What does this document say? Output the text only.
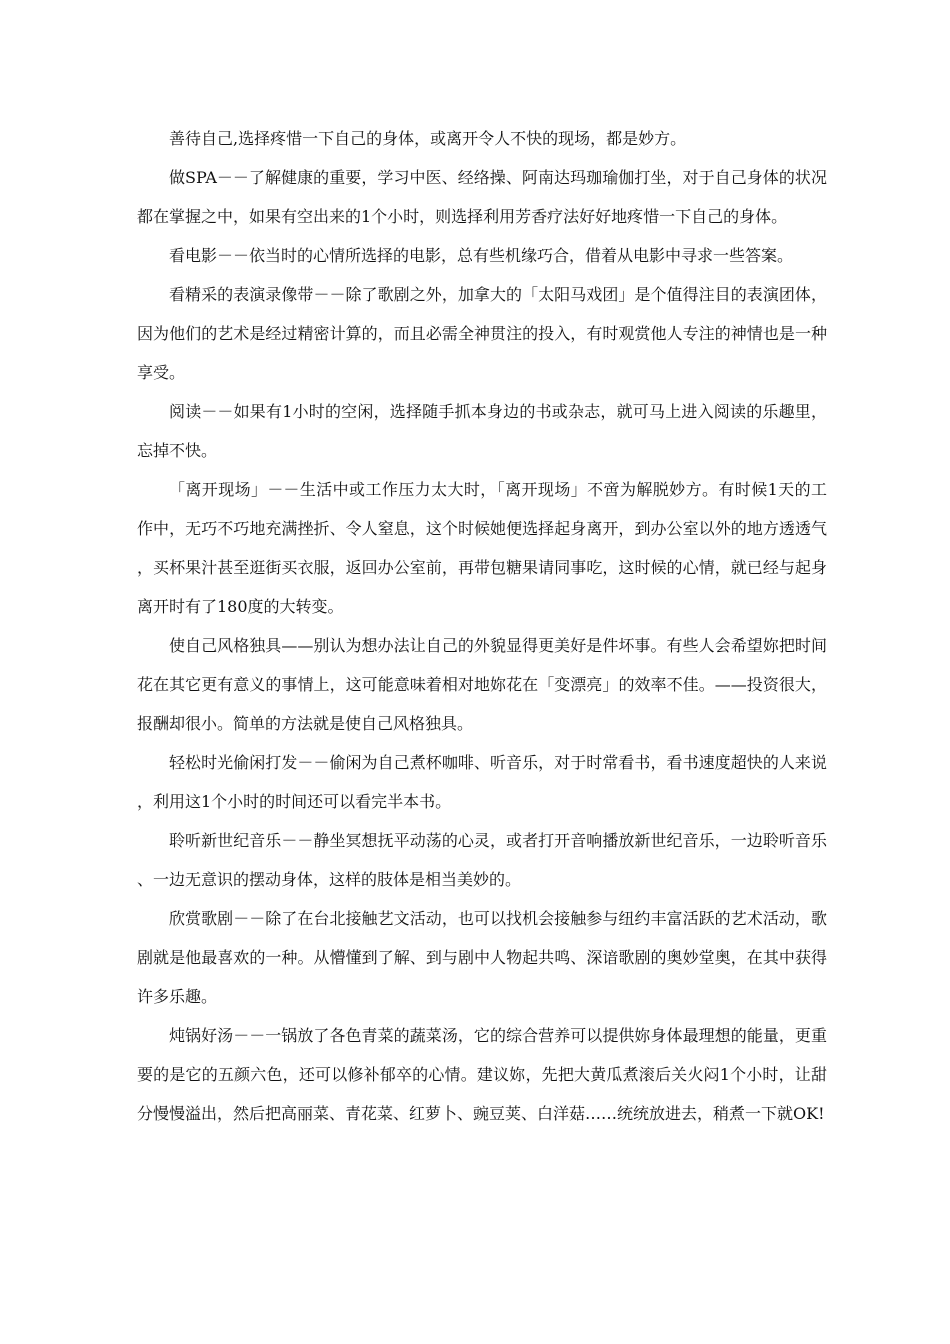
善待自己,选择疼惜一下自己的身体，或离开令人不快的现场，都是妙方。

做SPA－－了解健康的重要，学习中医、经络操、阿南达玛珈瑜伽打坐，对于自己身体的状况都在掌握之中，如果有空出来的1个小时，则选择利用芳香疗法好好地疼惜一下自己的身体。

看电影－－依当时的心情所选择的电影，总有些机缘巧合，借着从电影中寻求一些答案。

看精采的表演录像带－－除了歌剧之外，加拿大的「太阳马戏团」是个值得注目的表演团体，因为他们的艺术是经过精密计算的，而且必需全神贯注的投入，有时观赏他人专注的神情也是一种享受。

阅读－－如果有1小时的空闲，选择随手抓本身边的书或杂志，就可马上进入阅读的乐趣里，忘掉不快。

「离开现场」－－生活中或工作压力太大时，「离开现场」不啻为解脱妙方。有时候1天的工作中，无巧不巧地充满挫折、令人窒息，这个时候她便选择起身离开，到办公室以外的地方透透气，买杯果汁甚至逛街买衣服，返回办公室前，再带包糖果请同事吃，这时候的心情，就已经与起身离开时有了180度的大转变。

使自己风格独具——别认为想办法让自己的外貌显得更美好是件坏事。有些人会希望妳把时间花在其它更有意义的事情上，这可能意味着相对地妳花在「变漂亮」的效率不佳。——投资很大，报酬却很小。简单的方法就是使自己风格独具。

轻松时光偷闲打发－－偷闲为自己煮杯咖啡、听音乐，对于时常看书，看书速度超快的人来说，利用这1个小时的时间还可以看完半本书。

聆听新世纪音乐－－静坐冥想抚平动荡的心灵，或者打开音响播放新世纪音乐，一边聆听音乐、一边无意识的摆动身体，这样的肢体是相当美妙的。

欣赏歌剧－－除了在台北接触艺文活动，也可以找机会接触参与纽约丰富活跃的艺术活动，歌剧就是他最喜欢的一种。从懵懂到了解、到与剧中人物起共鸣、深谙歌剧的奥妙堂奥，在其中获得许多乐趣。

炖锅好汤－－一锅放了各色青菜的蔬菜汤，它的综合营养可以提供妳身体最理想的能量，更重要的是它的五颜六色，还可以修补郁卒的心情。建议妳，先把大黄瓜煮滚后关火闷1个小时，让甜分慢慢溢出，然后把高丽菜、青花菜、红萝卜、豌豆荚、白洋菇……统统放进去，稍煮一下就OK!
